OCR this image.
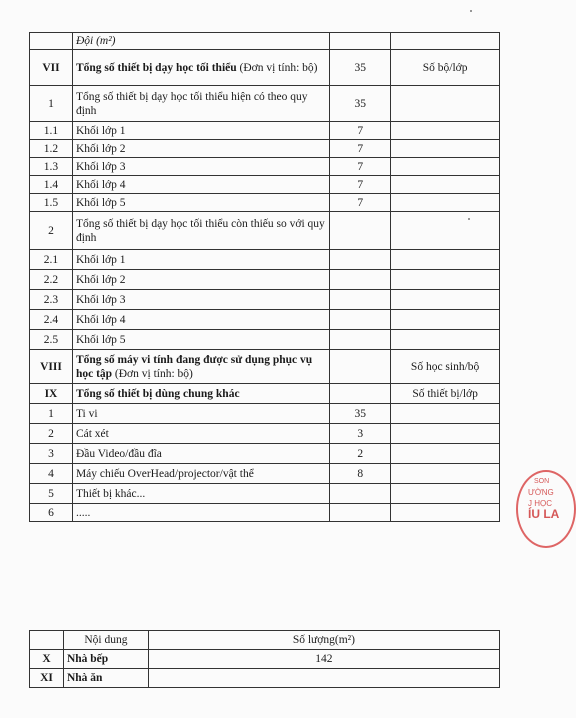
	Đội (m²)		
VII	Tổng số thiết bị dạy học tối thiểu (Đơn vị tính: bộ)	35	Số bộ/lớp
1	Tổng số thiết bị dạy học tối thiểu hiện có theo quy định	35	
1.1	Khối lớp 1	7	
1.2	Khối lớp 2	7	
1.3	Khối lớp 3	7	
1.4	Khối lớp 4	7	
1.5	Khối lớp 5	7	
2	Tổng số thiết bị dạy học tối thiểu còn thiếu so với quy định		
2.1	Khối lớp 1		
2.2	Khối lớp 2		
2.3	Khối lớp 3		
2.4	Khối lớp 4		
2.5	Khối lớp 5		
VIII	Tổng số máy vi tính đang được sử dụng phục vụ học tập (Đơn vị tính: bộ)		Số học sinh/bộ
IX	Tổng số thiết bị dùng chung khác		Số thiết bị/lớp
1	Ti vi	35	
2	Cát xét	3	
3	Đầu Video/đầu đĩa	2	
4	Máy chiếu OverHead/projector/vật thể	8	
5	Thiết bị khác...		
6	.....		
	Nội dung	Số lượng(m²)
X	Nhà bếp	142
XI	Nhà ăn	
SON
ƯỜNG
J HỌC
ÍU LA
